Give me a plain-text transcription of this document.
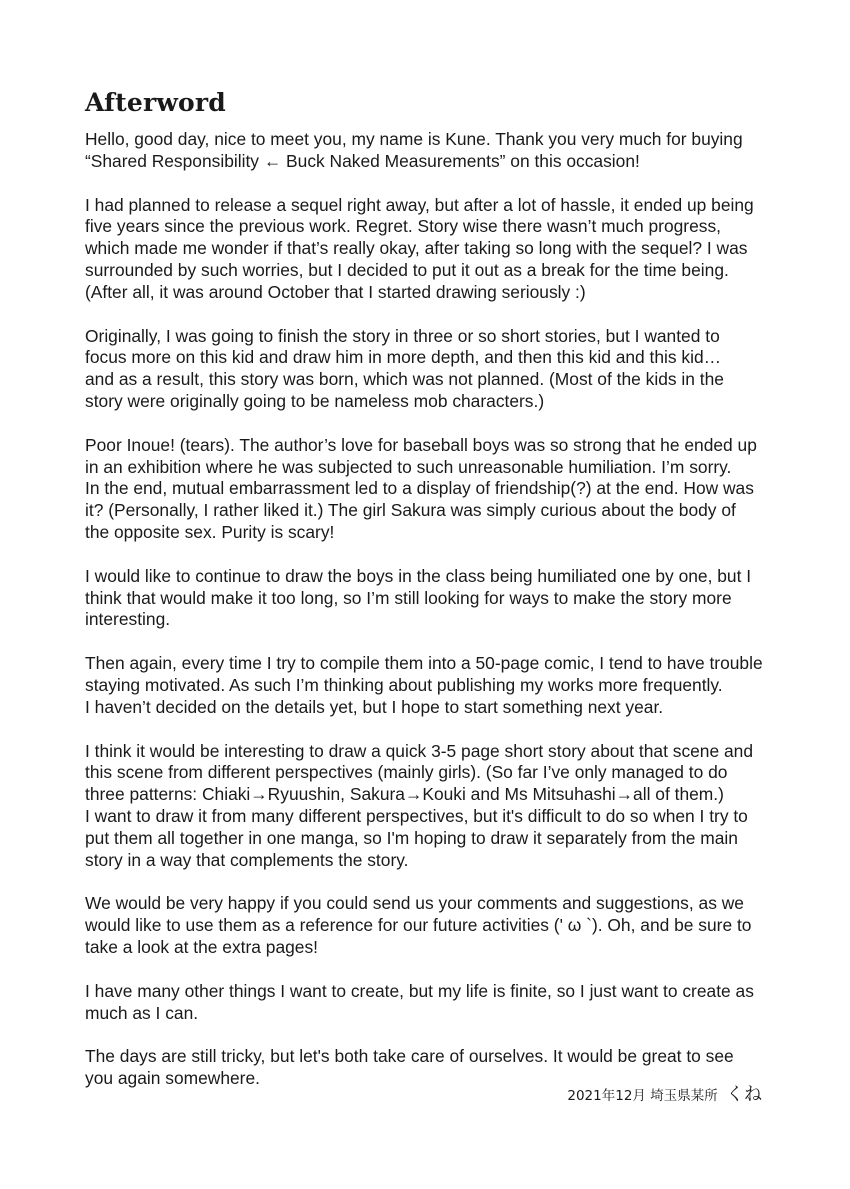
Afterword

Hello, good day, nice to meet you, my name is Kune. Thank you very much for buying
“Shared Responsibility ← Buck Naked Measurements” on this occasion!

I had planned to release a sequel right away, but after a lot of hassle, it ended up being
five years since the previous work. Regret. Story wise there wasn’t much progress,
which made me wonder if that’s really okay, after taking so long with the sequel? I was
surrounded by such worries, but I decided to put it out as a break for the time being.
(After all, it was around October that I started drawing seriously :)

Originally, I was going to finish the story in three or so short stories, but I wanted to
focus more on this kid and draw him in more depth, and then this kid and this kid…
and as a result, this story was born, which was not planned. (Most of the kids in the
story were originally going to be nameless mob characters.)

Poor Inoue! (tears). The author’s love for baseball boys was so strong that he ended up
in an exhibition where he was subjected to such unreasonable humiliation. I’m sorry.
In the end, mutual embarrassment led to a display of friendship(?) at the end. How was
it? (Personally, I rather liked it.) The girl Sakura was simply curious about the body of
the opposite sex. Purity is scary!

I would like to continue to draw the boys in the class being humiliated one by one, but I
think that would make it too long, so I’m still looking for ways to make the story more
interesting.

Then again, every time I try to compile them into a 50-page comic, I tend to have trouble
staying motivated. As such I’m thinking about publishing my works more frequently.
I haven’t decided on the details yet, but I hope to start something next year.

I think it would be interesting to draw a quick 3-5 page short story about that scene and
this scene from different perspectives (mainly girls). (So far I’ve only managed to do
three patterns: Chiaki→Ryuushin, Sakura→Kouki and Ms Mitsuhashi→all of them.)
I want to draw it from many different perspectives, but it's difficult to do so when I try to
put them all together in one manga, so I'm hoping to draw it separately from the main
story in a way that complements the story.

We would be very happy if you could send us your comments and suggestions, as we
would like to use them as a reference for our future activities (' ω `). Oh, and be sure to
take a look at the extra pages!

I have many other things I want to create, but my life is finite, so I just want to create as
much as I can.

The days are still tricky, but let's both take care of ourselves. It would be great to see
you again somewhere.

2021年12月 埼玉県某所 くね
